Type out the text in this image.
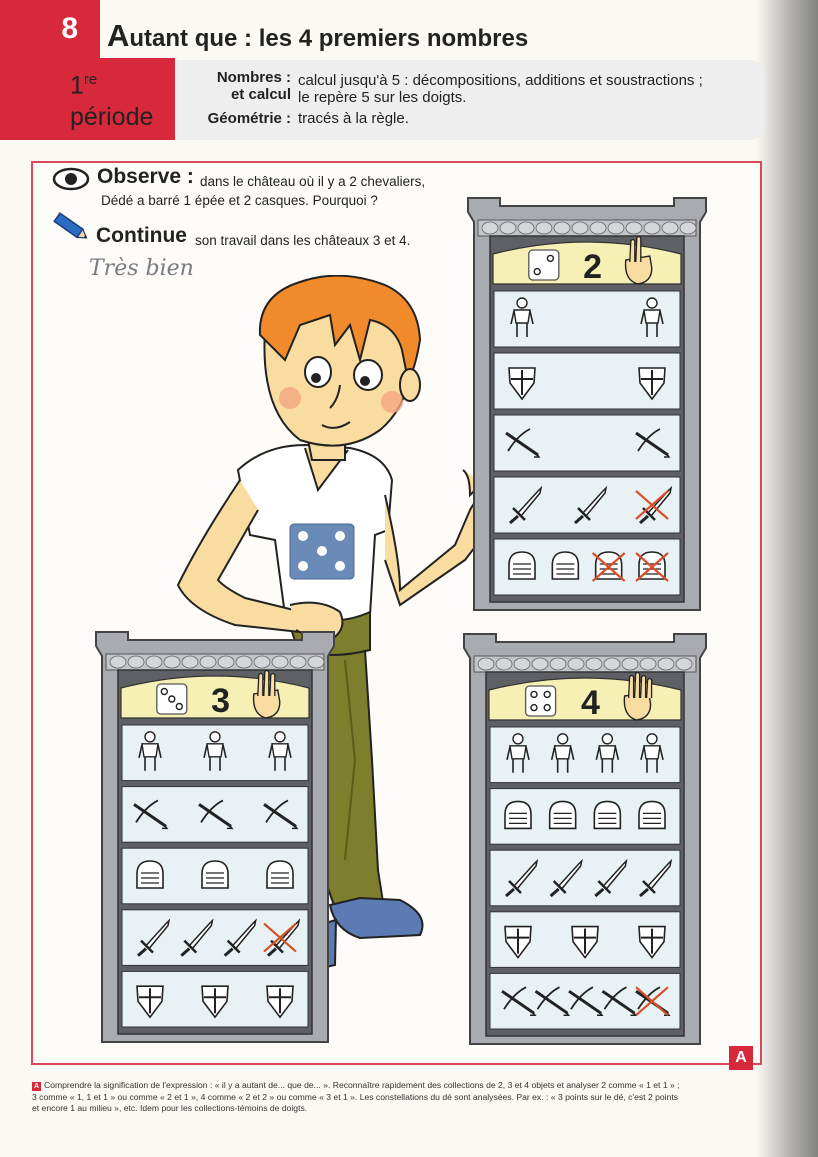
8 Autant que : les 4 premiers nombres
1re
période
Nombres :
et calcul
calcul jusqu'à 5 : décompositions, additions et soustractions ;
le repère 5 sur les doigts.
Géométrie : tracés à la règle.
Observe : dans le château où il y a 2 chevaliers,
Dédé a barré 1 épée et 2 casques. Pourquoi ?
Continue son travail dans les châteaux 3 et 4.
Très bien	2
3	4
A
A Comprendre la signification de l'expression : « il y a autant de... que de... ». Reconnaître rapidement des collections de 2, 3 et 4 objets et analyser 2 comme « 1 et 1 » ;
3 comme « 1, 1 et 1 » ou comme « 2 et 1 », 4 comme « 2 et 2 » ou comme « 3 et 1 ». Les constellations du dé sont analysées. Par ex. : « 3 points sur le dé, c'est 2 points
et encore 1 au milieu », etc. Idem pour les collections-témoins de doigts.
